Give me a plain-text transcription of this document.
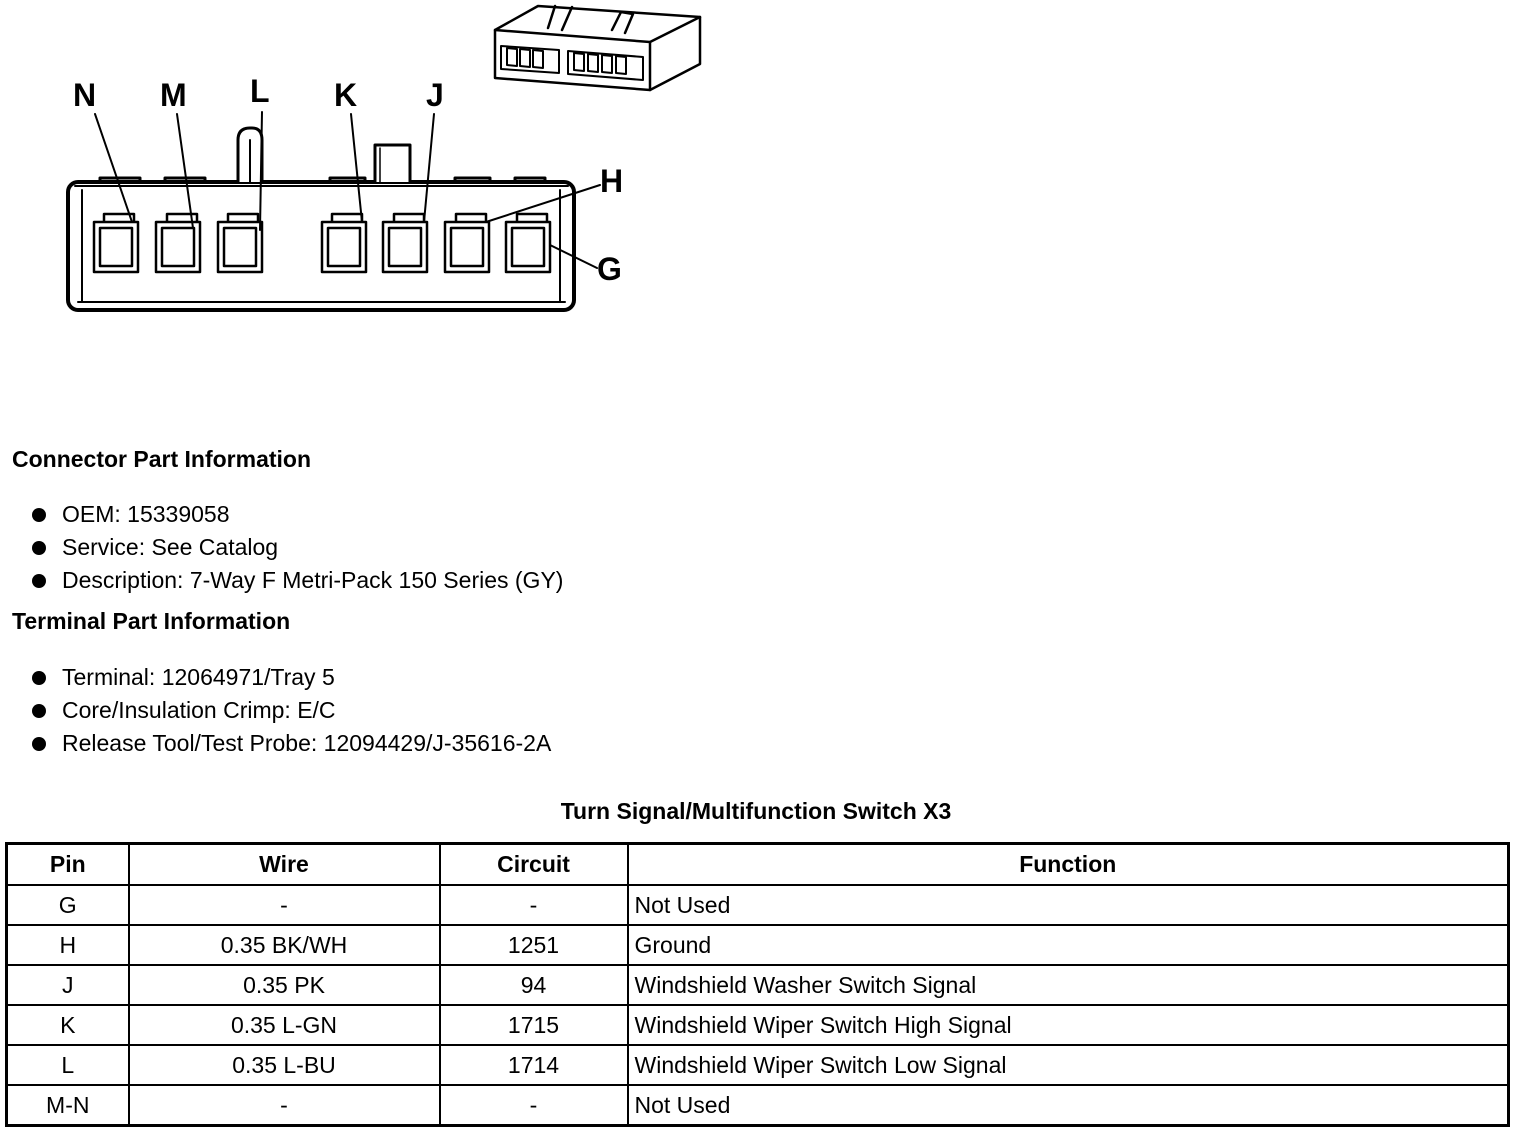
N M L K J
H
G
Connector Part Information
OEM: 15339058
Service: See Catalog
Description: 7-Way F Metri-Pack 150 Series (GY)
Terminal Part Information
Terminal: 12064971/Tray 5
Core/Insulation Crimp: E/C
Release Tool/Test Probe: 12094429/J-35616-2A
Turn Signal/Multifunction Switch X3
Pin	Wire	Circuit	Function
G	-	-	Not Used
H	0.35 BK/WH	1251	Ground
J	0.35 PK	94	Windshield Washer Switch Signal
K	0.35 L-GN	1715	Windshield Wiper Switch High Signal
L	0.35 L-BU	1714	Windshield Wiper Switch Low Signal
M-N	-	-	Not Used
